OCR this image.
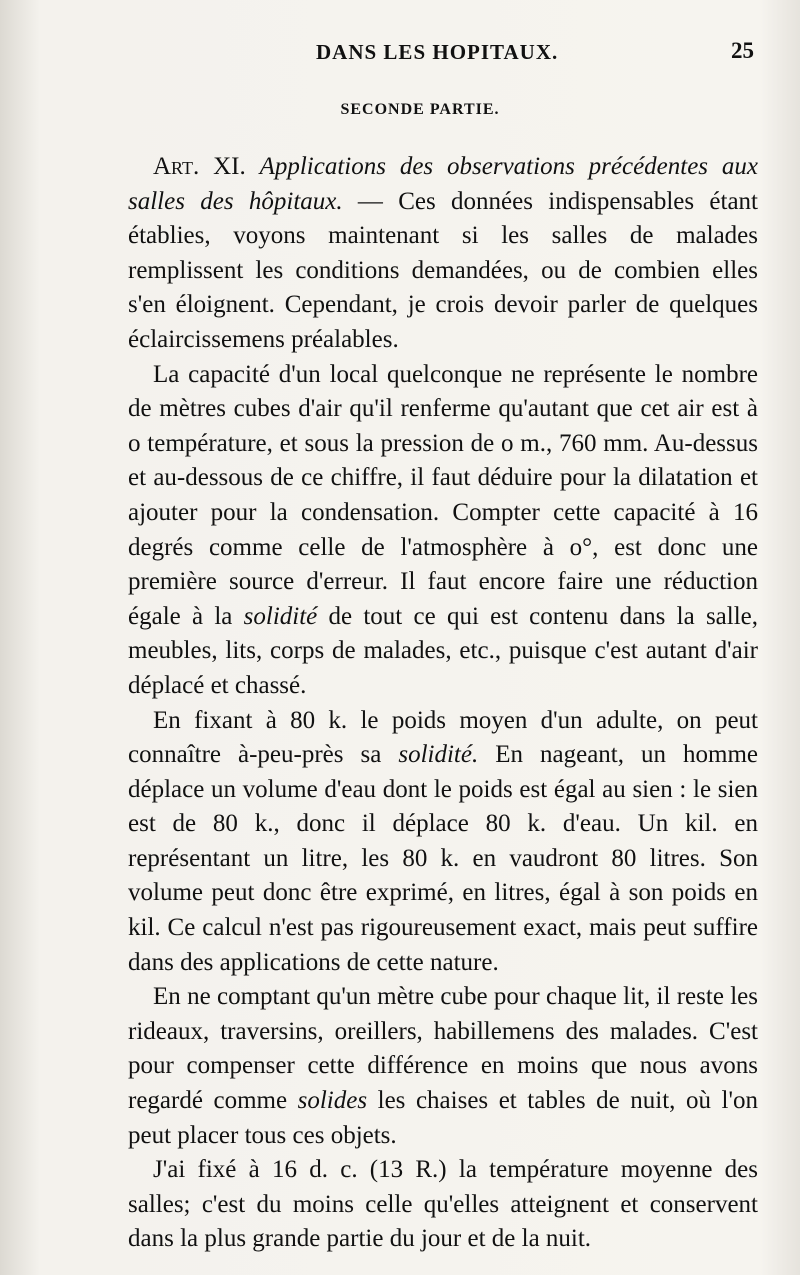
DANS LES HOPITAUX.	25
SECONDE PARTIE.

Art. XI. Applications des observations précédentes aux salles des hôpitaux. — Ces données indispensables étant établies, voyons maintenant si les salles de malades remplissent les conditions demandées, ou de combien elles s'en éloignent. Cependant, je crois devoir parler de quelques éclaircissemens préalables.

La capacité d'un local quelconque ne représente le nombre de mètres cubes d'air qu'il renferme qu'autant que cet air est à o température, et sous la pression de o m., 760 mm. Au-dessus et au-dessous de ce chiffre, il faut déduire pour la dilatation et ajouter pour la condensation. Compter cette capacité à 16 degrés comme celle de l'atmosphère à o°, est donc une première source d'erreur. Il faut encore faire une réduction égale à la solidité de tout ce qui est contenu dans la salle, meubles, lits, corps de malades, etc., puisque c'est autant d'air déplacé et chassé.

En fixant à 80 k. le poids moyen d'un adulte, on peut connaître à-peu-près sa solidité. En nageant, un homme déplace un volume d'eau dont le poids est égal au sien : le sien est de 80 k., donc il déplace 80 k. d'eau. Un kil. en représentant un litre, les 80 k. en vaudront 80 litres. Son volume peut donc être exprimé, en litres, égal à son poids en kil. Ce calcul n'est pas rigoureusement exact, mais peut suffire dans des applications de cette nature.

En ne comptant qu'un mètre cube pour chaque lit, il reste les rideaux, traversins, oreillers, habillemens des malades. C'est pour compenser cette différence en moins que nous avons regardé comme solides les chaises et tables de nuit, où l'on peut placer tous ces objets.

J'ai fixé à 16 d. c. (13 R.) la température moyenne des salles; c'est du moins celle qu'elles atteignent et conservent dans la plus grande partie du jour et de la nuit.
